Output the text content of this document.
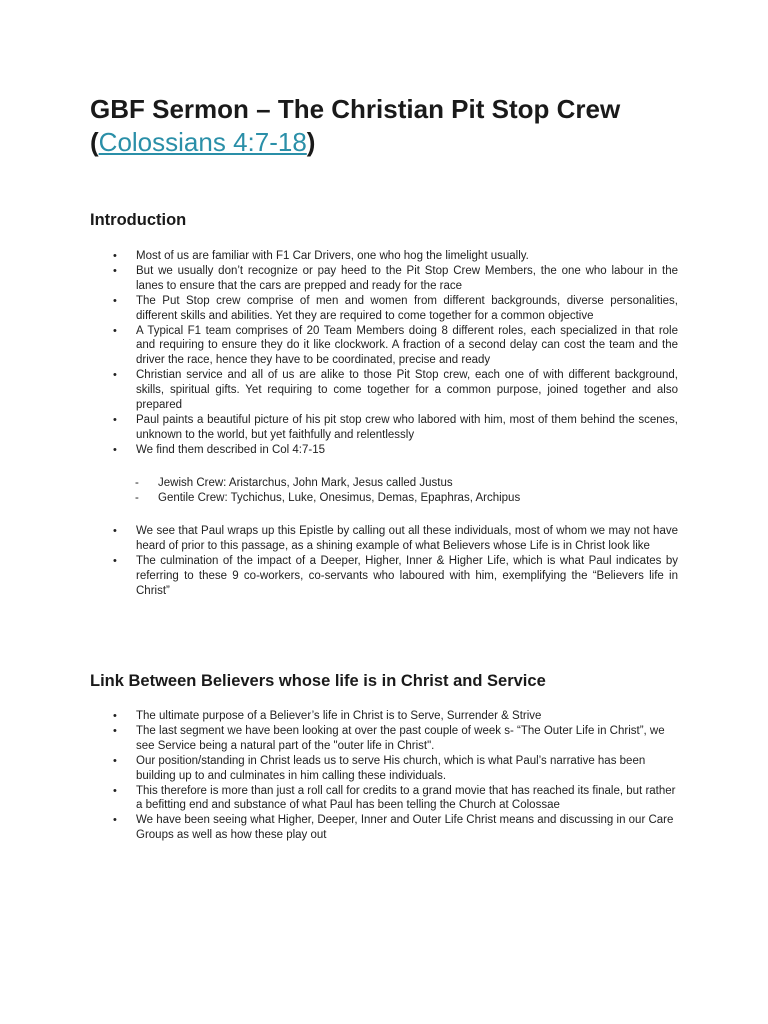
GBF Sermon – The Christian Pit Stop Crew
(Colossians 4:7-18)
Introduction
• Most of us are familiar with F1 Car Drivers, one who hog the limelight usually.
• But we usually don’t recognize or pay heed to the Pit Stop Crew Members, the one who labour in the lanes to ensure that the cars are prepped and ready for the race
• The Put Stop crew comprise of men and women from different backgrounds, diverse personalities, different skills and abilities. Yet they are required to come together for a common objective
• A Typical F1 team comprises of 20 Team Members doing 8 different roles, each specialized in that role and requiring to ensure they do it like clockwork. A fraction of a second delay can cost the team and the driver the race, hence they have to be coordinated, precise and ready
• Christian service and all of us are alike to those Pit Stop crew, each one of with different background, skills, spiritual gifts. Yet requiring to come together for a common purpose, joined together and also prepared
• Paul paints a beautiful picture of his pit stop crew who labored with him, most of them behind the scenes, unknown to the world, but yet faithfully and relentlessly
• We find them described in Col 4:7-15
- Jewish Crew: Aristarchus, John Mark, Jesus called Justus
- Gentile Crew: Tychichus, Luke, Onesimus, Demas, Epaphras, Archipus
• We see that Paul wraps up this Epistle by calling out all these individuals, most of whom we may not have heard of prior to this passage, as a shining example of what Believers whose Life is in Christ look like
• The culmination of the impact of a Deeper, Higher, Inner & Higher Life, which is what Paul indicates by referring to these 9 co-workers, co-servants who laboured with him, exemplifying the “Believers life in Christ”
Link Between Believers whose life is in Christ and Service
• The ultimate purpose of a Believer’s life in Christ is to Serve, Surrender & Strive
• The last segment we have been looking at over the past couple of week s- “The Outer Life in Christ”, we see Service being a natural part of the "outer life in Christ".
• Our position/standing in Christ leads us to serve His church, which is what Paul’s narrative has been building up to and culminates in him calling these individuals.
• This therefore is more than just a roll call for credits to a grand movie that has reached its finale, but rather a befitting end and substance of what Paul has been telling the Church at Colossae
• We have been seeing what Higher, Deeper, Inner and Outer Life Christ means and discussing in our Care Groups as well as how these play out
